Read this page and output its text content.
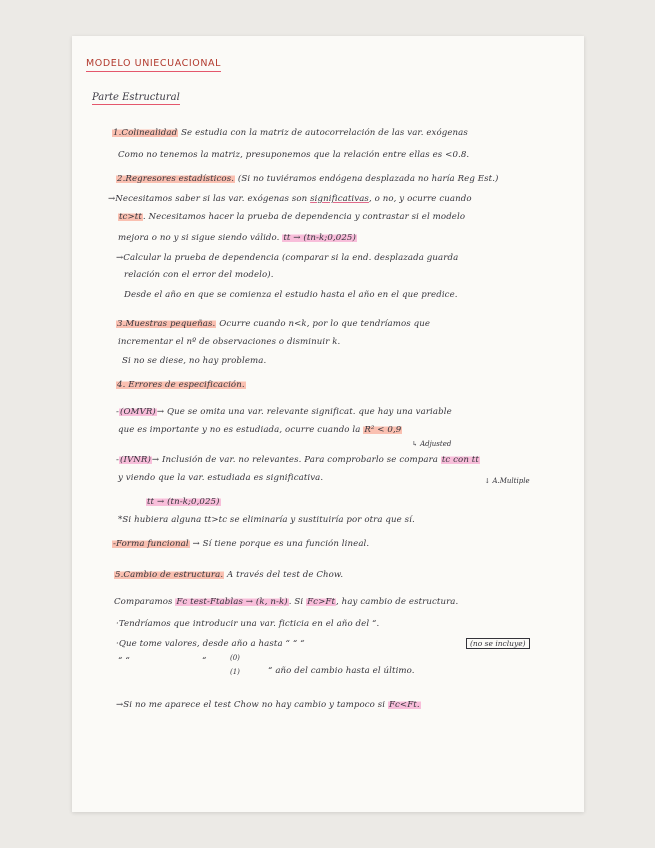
MODELO UNIECUACIONAL
Parte Estructural
1.Colinealidad Se estudia con la matriz de autocorrelación de las var. exógenas
Como no tenemos la matriz, presuponemos que la relación entre ellas es <0.8.
2.Regresores estadísticos. (Si no tuviéramos endógena desplazada no haría Reg Est.)
→Necesitamos saber si las var. exógenas son significativas, o no, y ocurre cuando
tc>tt. Necesitamos hacer la prueba de dependencia y contrastar si el modelo
mejora o no y si sigue siendo válido. tt → (tn-k;0,025)
→Calcular la prueba de dependencia (comparar si la end. desplazada guarda
relación con el error del modelo).
Desde el año en que se comienza el estudio hasta el año en el que predice.
3.Muestras pequeñas. Ocurre cuando n<k, por lo que tendríamos que
incrementar el nº de observaciones o disminuir k.
Si no se diese, no hay problema.
4. Errores de especificación.
-(OMVR)→ Que se omita una var. relevante significat. que hay una variable
que es importante y no es estudiada, ocurre cuando la R² < 0,9
↳ Adjusted
-(IVNR)→ Inclusión de var. no relevantes. Para comprobarlo se compara tc con tt
y viendo que la var. estudiada es significativa.	↓ A.Multiple
tt → (tn-k;0,025)
*Si hubiera alguna tt>tc se eliminaría y sustituiría por otra que sí.
-Forma funcional → Sí tiene porque es una función lineal.
5.Cambio de estructura. A través del test de Chow.
Comparamos Fc test-Ftablas → (k, n-k). Si Fc>Ft, hay cambio de estructura.
·Tendríamos que introducir una var. ficticia en el año del “.
·Que tome valores, desde año a hasta “ “ “	(no se incluye)
(0)
“ “	“
(1)	“ año del cambio hasta el último.
→Si no me aparece el test Chow no hay cambio y tampoco si Fc<Ft.
